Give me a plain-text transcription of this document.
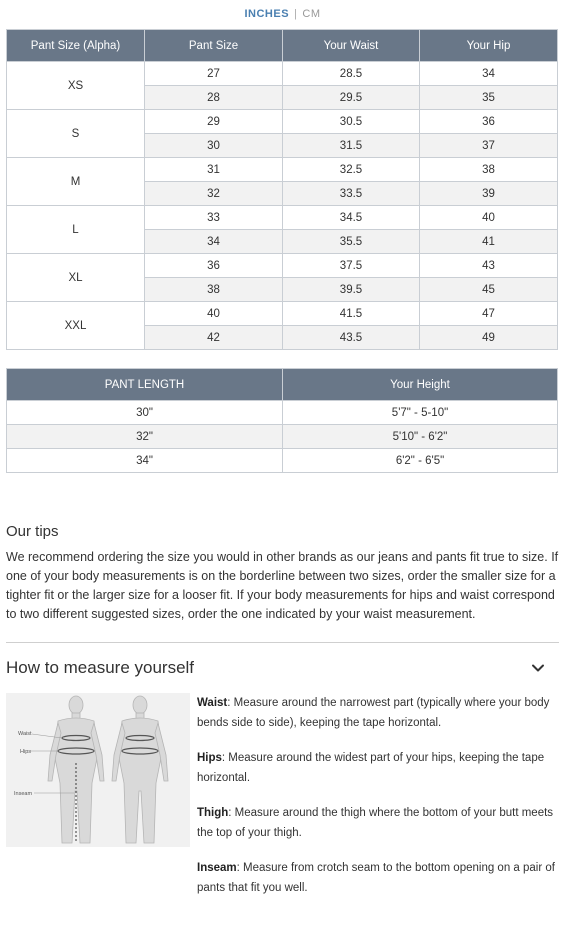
INCHES | CM
Pant Size (Alpha)	Pant Size	Your Waist	Your Hip
XS	27	28.5	34
	28	29.5	35
S	29	30.5	36
	30	31.5	37
M	31	32.5	38
	32	33.5	39
L	33	34.5	40
	34	35.5	41
XL	36	37.5	43
	38	39.5	45
XXL	40	41.5	47
	42	43.5	49
PANT LENGTH	Your Height
30"	5'7" - 5-10"
32"	5'10" - 6'2"
34"	6'2" - 6'5"
Our tips

We recommend ordering the size you would in other brands as our jeans and pants fit true to size. If one of your body measurements is on the borderline between two sizes, order the smaller size for a tighter fit or the larger size for a looser fit. If your body measurements for hips and waist correspond to two different suggested sizes, order the one indicated by your waist measurement.

How to measure yourself
Waist
Hips
Inseam
Waist: Measure around the narrowest part (typically where your body bends side to side), keeping the tape horizontal.
Hips: Measure around the widest part of your hips, keeping the tape horizontal.
Thigh: Measure around the thigh where the bottom of your butt meets the top of your thigh.
Inseam: Measure from crotch seam to the bottom opening on a pair of pants that fit you well.
